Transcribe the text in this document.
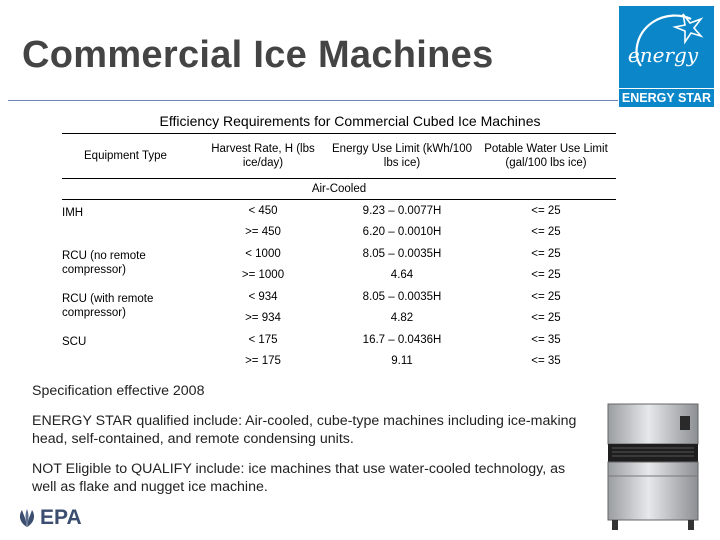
Commercial Ice Machines	energy
ENERGY STAR
Efficiency Requirements for Commercial Cubed Ice Machines
Equipment Type	Harvest Rate, H (lbs ice/day)	Energy Use Limit (kWh/100 lbs ice)	Potable Water Use Limit (gal/100 lbs ice)
Air-Cooled			
IMH	< 450	9.23 – 0.0077H	<= 25
	>= 450	6.20 – 0.0010H	<= 25
RCU (no remote compressor)	< 1000	8.05 – 0.0035H	<= 25
	>= 1000	4.64	<= 25
RCU (with remote compressor)	< 934	8.05 – 0.0035H	<= 25
	>= 934	4.82	<= 25
SCU	< 175	16.7 – 0.0436H	<= 35
	>= 175	9.11	<= 35

Specification effective 2008

ENERGY STAR qualified include: Air-cooled, cube-type machines including ice-making head, self-contained, and remote condensing units.

NOT Eligible to QUALIFY include: ice machines that use water-cooled technology, as well as flake and nugget ice machine.

EPA
